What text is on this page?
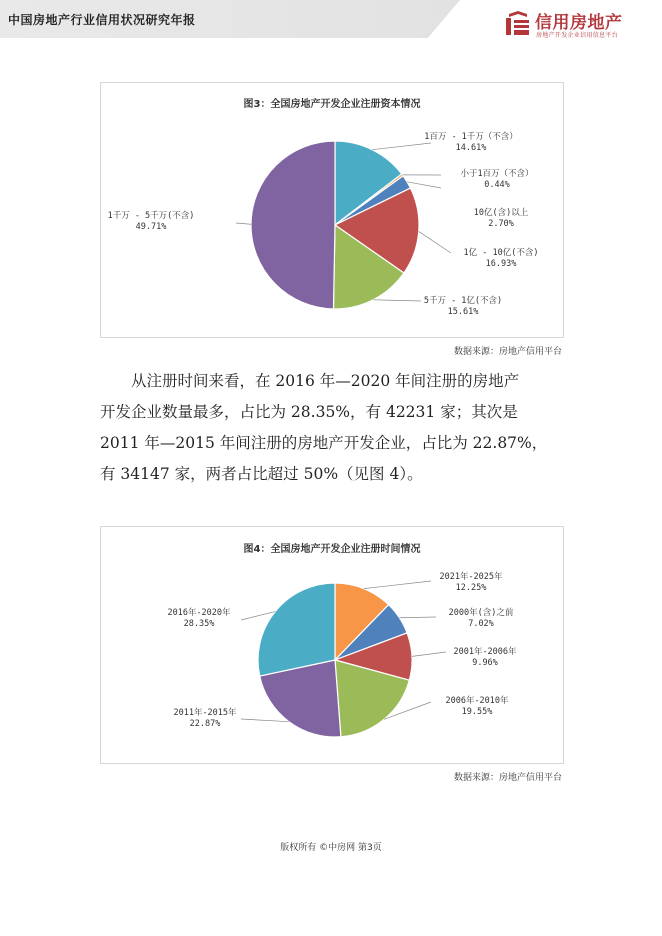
中国房地产行业信用状况研究年报	信用房地产
房地产开发企业信用信息平台
图3：全国房地产开发企业注册资本情况
1百万 - 1千万（不含）
14.61%
小于1百万（不含）
0.44%
10亿(含)以上
2.70%
1亿 - 10亿(不含)
16.93%
5千万 - 1亿(不含)
15.61%
1千万 - 5千万(不含)
49.71%
数据来源：房地产信用平台
从注册时间来看，在 2016 年—2020 年间注册的房地产
开发企业数量最多，占比为 28.35%，有 42231 家；其次是
2011 年—2015 年间注册的房地产开发企业，占比为 22.87%，
有 34147 家，两者占比超过 50%（见图 4）。
图4：全国房地产开发企业注册时间情况
2021年-2025年
12.25%
2000年(含)之前
7.02%
2001年-2006年
9.96%
2006年-2010年
19.55%
2011年-2015年
22.87%
2016年-2020年
28.35%
数据来源：房地产信用平台
版权所有 ©中房网 第3页
